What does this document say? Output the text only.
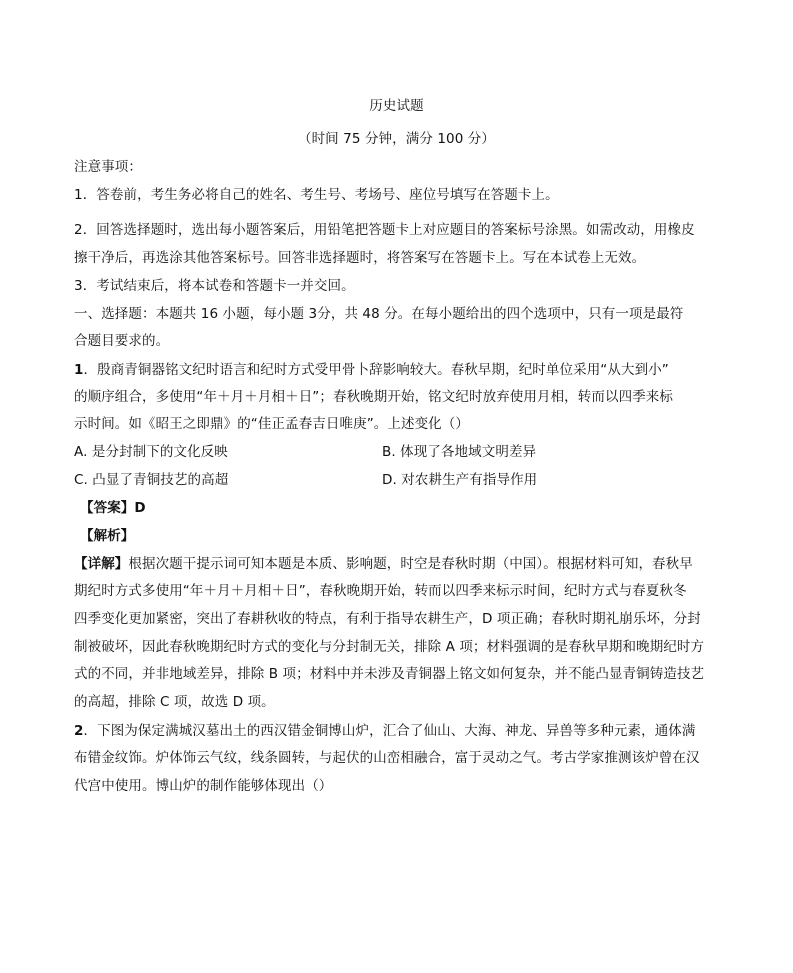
历史试题
（时间 75 分钟，满分 100 分）
注意事项：
1．答卷前，考生务必将自己的姓名、考生号、考场号、座位号填写在答题卡上。
2．回答选择题时，选出每小题答案后，用铅笔把答题卡上对应题目的答案标号涂黑。如需改动，用橡皮
擦干净后，再选涂其他答案标号。回答非选择题时，将答案写在答题卡上。写在本试卷上无效。
3．考试结束后，将本试卷和答题卡一并交回。
一、选择题：本题共 16 小题，每小题 3分，共 48 分。在每小题给出的四个选项中，只有一项是最符
合题目要求的。
1．殷商青铜器铭文纪时语言和纪时方式受甲骨卜辞影响较大。春秋早期，纪时单位采用“从大到小”
的顺序组合，多使用“年＋月＋月相＋日”；春秋晚期开始，铭文纪时放弃使用月相，转而以四季来标
示时间。如《昭王之即鼎》的“佳正孟春吉日唯庚”。上述变化（）
A. 是分封制下的文化反映	B. 体现了各地域文明差异
C. 凸显了青铜技艺的高超	D. 对农耕生产有指导作用
【答案】D
【解析】
【详解】根据次题干提示词可知本题是本质、影响题，时空是春秋时期（中国）。根据材料可知，春秋早
期纪时方式多使用“年＋月＋月相＋日”，春秋晚期开始，转而以四季来标示时间，纪时方式与春夏秋冬
四季变化更加紧密，突出了春耕秋收的特点，有利于指导农耕生产，D 项正确；春秋时期礼崩乐坏，分封
制被破坏，因此春秋晚期纪时方式的变化与分封制无关，排除 A 项；材料强调的是春秋早期和晚期纪时方
式的不同，并非地域差异，排除 B 项；材料中并未涉及青铜器上铭文如何复杂，并不能凸显青铜铸造技艺
的高超，排除 C 项，故选 D 项。
2．下图为保定满城汉墓出土的西汉错金铜博山炉，汇合了仙山、大海、神龙、异兽等多种元素，通体满
布错金纹饰。炉体饰云气纹，线条圆转，与起伏的山峦相融合，富于灵动之气。考古学家推测该炉曾在汉
代宫中使用。博山炉的制作能够体现出（）
